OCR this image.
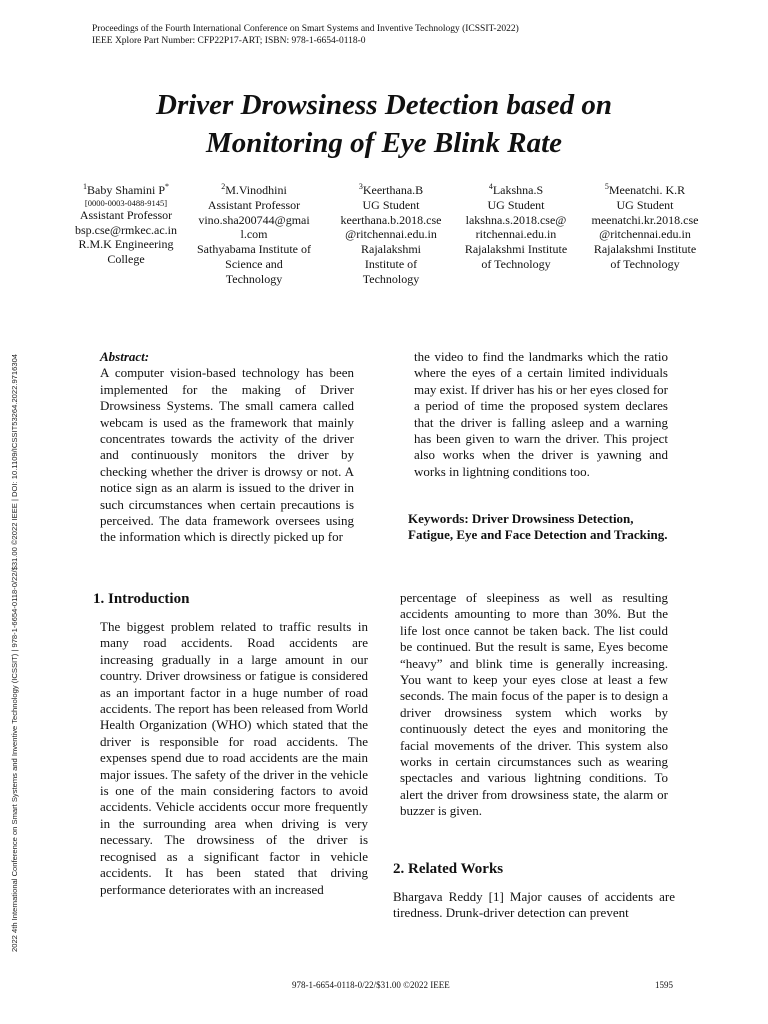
Proceedings of the Fourth International Conference on Smart Systems and Inventive Technology (ICSSIT-2022)
IEEE Xplore Part Number: CFP22P17-ART; ISBN: 978-1-6654-0118-0
2022 4th International Conference on Smart Systems and Inventive Technology (ICSSIT) | 978-1-6654-0118-0/22/$31.00 ©2022 IEEE | DOI: 10.1109/ICSSIT53264.2022.9716304
Driver Drowsiness Detection based on
Monitoring of Eye Blink Rate
$^1$Baby Shamini P*
[0000-0003-0488-9145]
Assistant Professor
bsp.cse@rmkec.ac.in
R.M.K Engineering
College
$^2$M.Vinodhini
Assistant Professor
vino.sha200744@gmai
l.com
Sathyabama Institute of
Science and
Technology
$^3$Keerthana.B
UG Student
keerthana.b.2018.cse
@ritchennai.edu.in
Rajalakshmi
Institute of
Technology
$^4$Lakshna.S
UG Student
lakshna.s.2018.cse@
ritchennai.edu.in
Rajalakshmi Institute
of Technology
$^5$Meenatchi. K.R
UG Student
meenatchi.kr.2018.cse
@ritchennai.edu.in
Rajalakshmi Institute
of Technology
Abstract:
A computer vision-based technology has been implemented for the making of Driver Drowsiness Systems. The small camera called webcam is used as the framework that mainly concentrates towards the activity of the driver and continuously monitors the driver by checking whether the driver is drowsy or not. A notice sign as an alarm is issued to the driver in such circumstances when certain precautions is perceived. The data framework oversees using the information which is directly picked up for
the video to find the landmarks which the ratio where the eyes of a certain limited individuals may exist. If driver has his or her eyes closed for a period of time the proposed system declares that the driver is falling asleep and a warning has been given to warn the driver. This project also works when the driver is yawning and works in lightning conditions too.
Keywords: Driver Drowsiness Detection, Fatigue, Eye and Face Detection and Tracking.
1. Introduction
The biggest problem related to traffic results in many road accidents. Road accidents are increasing gradually in a large amount in our country. Driver drowsiness or fatigue is considered as an important factor in a huge number of road accidents. The report has been released from World Health Organization (WHO) which stated that the driver is responsible for road accidents. The expenses spend due to road accidents are the main major issues. The safety of the driver in the vehicle is one of the main considering factors to avoid accidents. Vehicle accidents occur more frequently in the surrounding area when driving is very necessary. The drowsiness of the driver is recognised as a significant factor in vehicle accidents. It has been stated that driving performance deteriorates with an increased
percentage of sleepiness as well as resulting accidents amounting to more than 30%. But the life lost once cannot be taken back. The list could be continued. But the result is same, Eyes become “heavy” and blink time is generally increasing. You want to keep your eyes close at least a few seconds. The main focus of the paper is to design a driver drowsiness system which works by continuously detect the eyes and monitoring the facial movements of the driver. This system also works in certain circumstances such as wearing spectacles and various lightning conditions. To alert the driver from drowsiness state, the alarm or buzzer is given.
2. Related Works
Bhargava Reddy [1] Major causes of accidents are tiredness. Drunk-driver detection can prevent
978-1-6654-0118-0/22/$31.00 ©2022 IEEE	1595
